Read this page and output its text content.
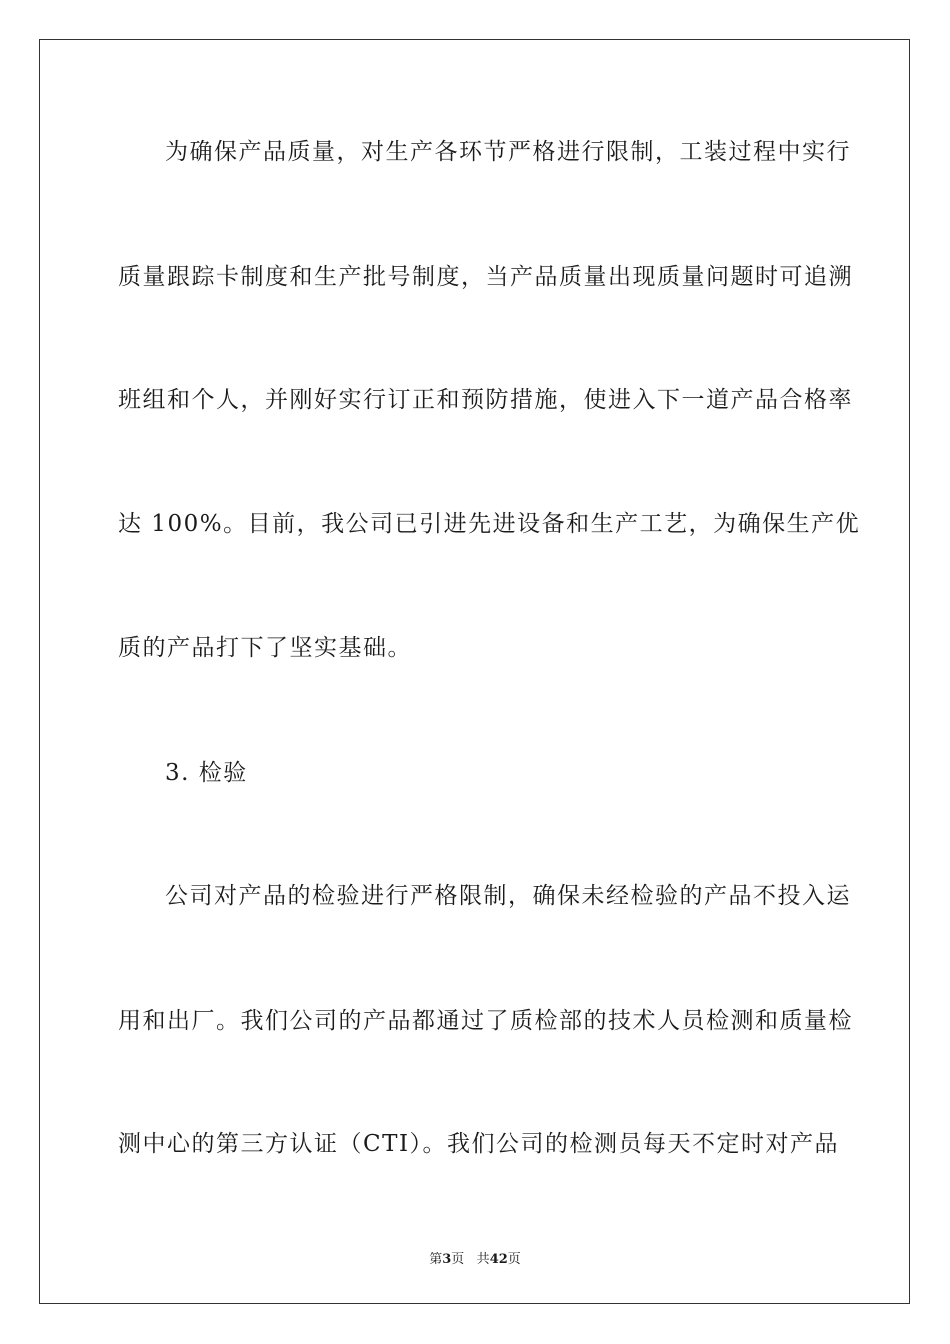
为确保产品质量，对生产各环节严格进行限制，工装过程中实行
质量跟踪卡制度和生产批号制度，当产品质量出现质量问题时可追溯
班组和个人，并刚好实行订正和预防措施，使进入下一道产品合格率
达 100%。目前，我公司已引进先进设备和生产工艺，为确保生产优
质的产品打下了坚实基础。
3. 检验
公司对产品的检验进行严格限制，确保未经检验的产品不投入运
用和出厂。我们公司的产品都通过了质检部的技术人员检测和质量检
测中心的第三方认证（CTI）。我们公司的检测员每天不定时对产品
第3页 共42页
